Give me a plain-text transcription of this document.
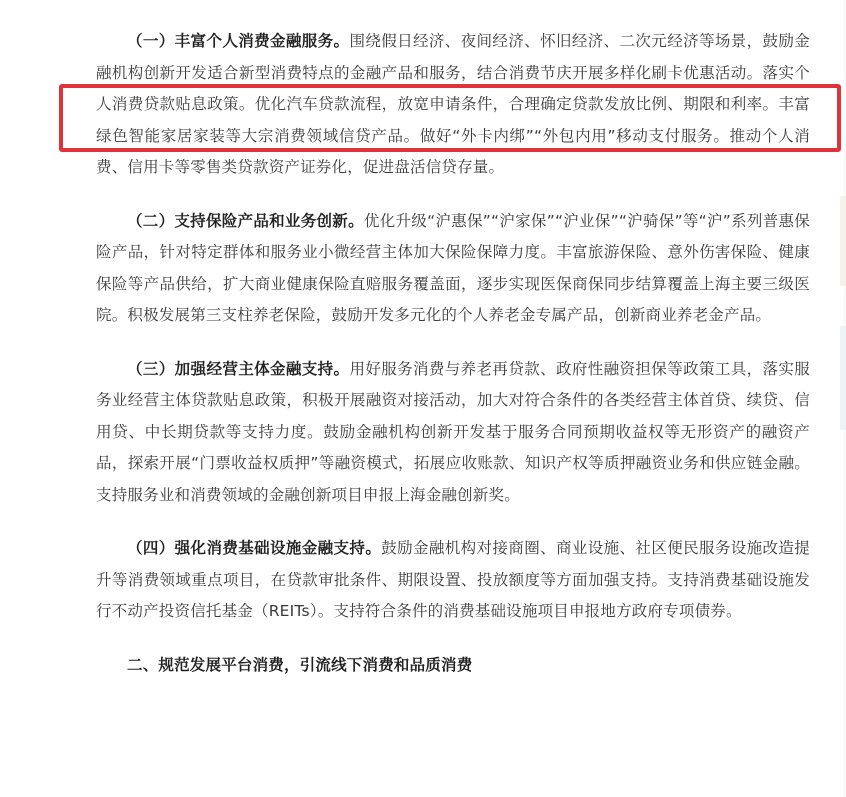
（一）丰富个人消费金融服务。围绕假日经济、夜间经济、怀旧经济、二次元经济等场景，鼓励金融机构创新开发适合新型消费特点的金融产品和服务，结合消费节庆开展多样化刷卡优惠活动。落实个人消费贷款贴息政策。优化汽车贷款流程，放宽申请条件，合理确定贷款发放比例、期限和利率。丰富绿色智能家居家装等大宗消费领域信贷产品。做好“外卡内绑”“外包内用”移动支付服务。推动个人消费、信用卡等零售类贷款资产证券化，促进盘活信贷存量。

（二）支持保险产品和业务创新。优化升级“沪惠保”“沪家保”“沪业保”“沪骑保”等“沪”系列普惠保险产品，针对特定群体和服务业小微经营主体加大保险保障力度。丰富旅游保险、意外伤害保险、健康保险等产品供给，扩大商业健康保险直赔服务覆盖面，逐步实现医保商保同步结算覆盖上海主要三级医院。积极发展第三支柱养老保险，鼓励开发多元化的个人养老金专属产品，创新商业养老金产品。

（三）加强经营主体金融支持。用好服务消费与养老再贷款、政府性融资担保等政策工具，落实服务业经营主体贷款贴息政策，积极开展融资对接活动，加大对符合条件的各类经营主体首贷、续贷、信用贷、中长期贷款等支持力度。鼓励金融机构创新开发基于服务合同预期收益权等无形资产的融资产品，探索开展“门票收益权质押”等融资模式，拓展应收账款、知识产权等质押融资业务和供应链金融。支持服务业和消费领域的金融创新项目申报上海金融创新奖。

（四）强化消费基础设施金融支持。鼓励金融机构对接商圈、商业设施、社区便民服务设施改造提升等消费领域重点项目，在贷款审批条件、期限设置、投放额度等方面加强支持。支持消费基础设施发行不动产投资信托基金（REITs）。支持符合条件的消费基础设施项目申报地方政府专项债券。

二、规范发展平台消费，引流线下消费和品质消费
